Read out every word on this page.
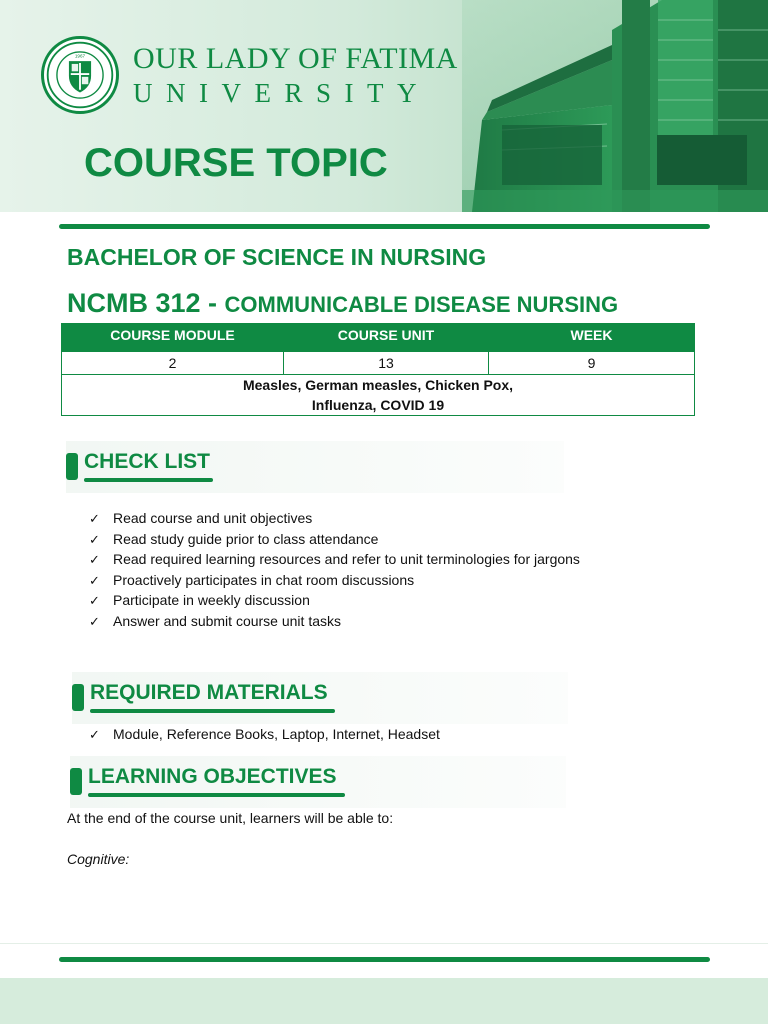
1967 OUR LADY OF FATIMA
UNIVERSITY
COURSE TOPIC
BACHELOR OF SCIENCE IN NURSING
NCMB 312 - COMMUNICABLE DISEASE NURSING
COURSE MODULE	COURSE UNIT	WEEK
2	13	9

Measles, German measles, Chicken Pox,
Influenza, COVID 19		
CHECK LIST
✓ Read course and unit objectives
✓ Read study guide prior to class attendance
✓ Read required learning resources and refer to unit terminologies for jargons
✓ Proactively participates in chat room discussions
✓ Participate in weekly discussion
✓ Answer and submit course unit tasks
REQUIRED MATERIALS
✓ Module, Reference Books, Laptop, Internet, Headset
LEARNING OBJECTIVES
At the end of the course unit, learners will be able to:
Cognitive:
